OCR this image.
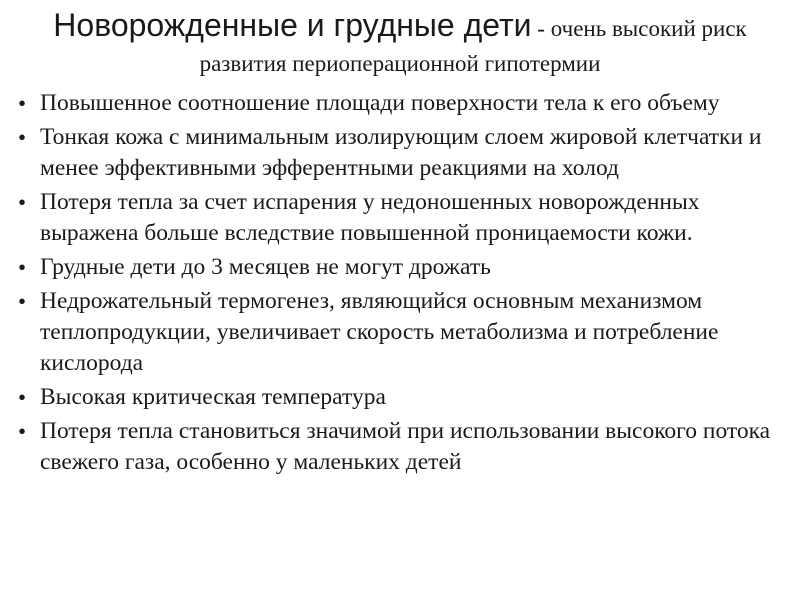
Новорожденные и грудные дети - очень высокий риск
развития периоперационной гипотермии
• Повышенное соотношение площади поверхности тела к его объему
• Тонкая кожа с минимальным изолирующим слоем жировой клетчатки и менее эффективными эфферентными реакциями на холод
• Потеря тепла за счет испарения у недоношенных новорожденных выражена больше вследствие повышенной проницаемости кожи.
• Грудные дети до 3 месяцев не могут дрожать
• Недрожательный термогенез, являющийся основным механизмом теплопродукции, увеличивает скорость метаболизма и потребление кислорода
• Высокая критическая температура
• Потеря тепла становиться значимой при использовании высокого потока свежего газа, особенно у маленьких детей
